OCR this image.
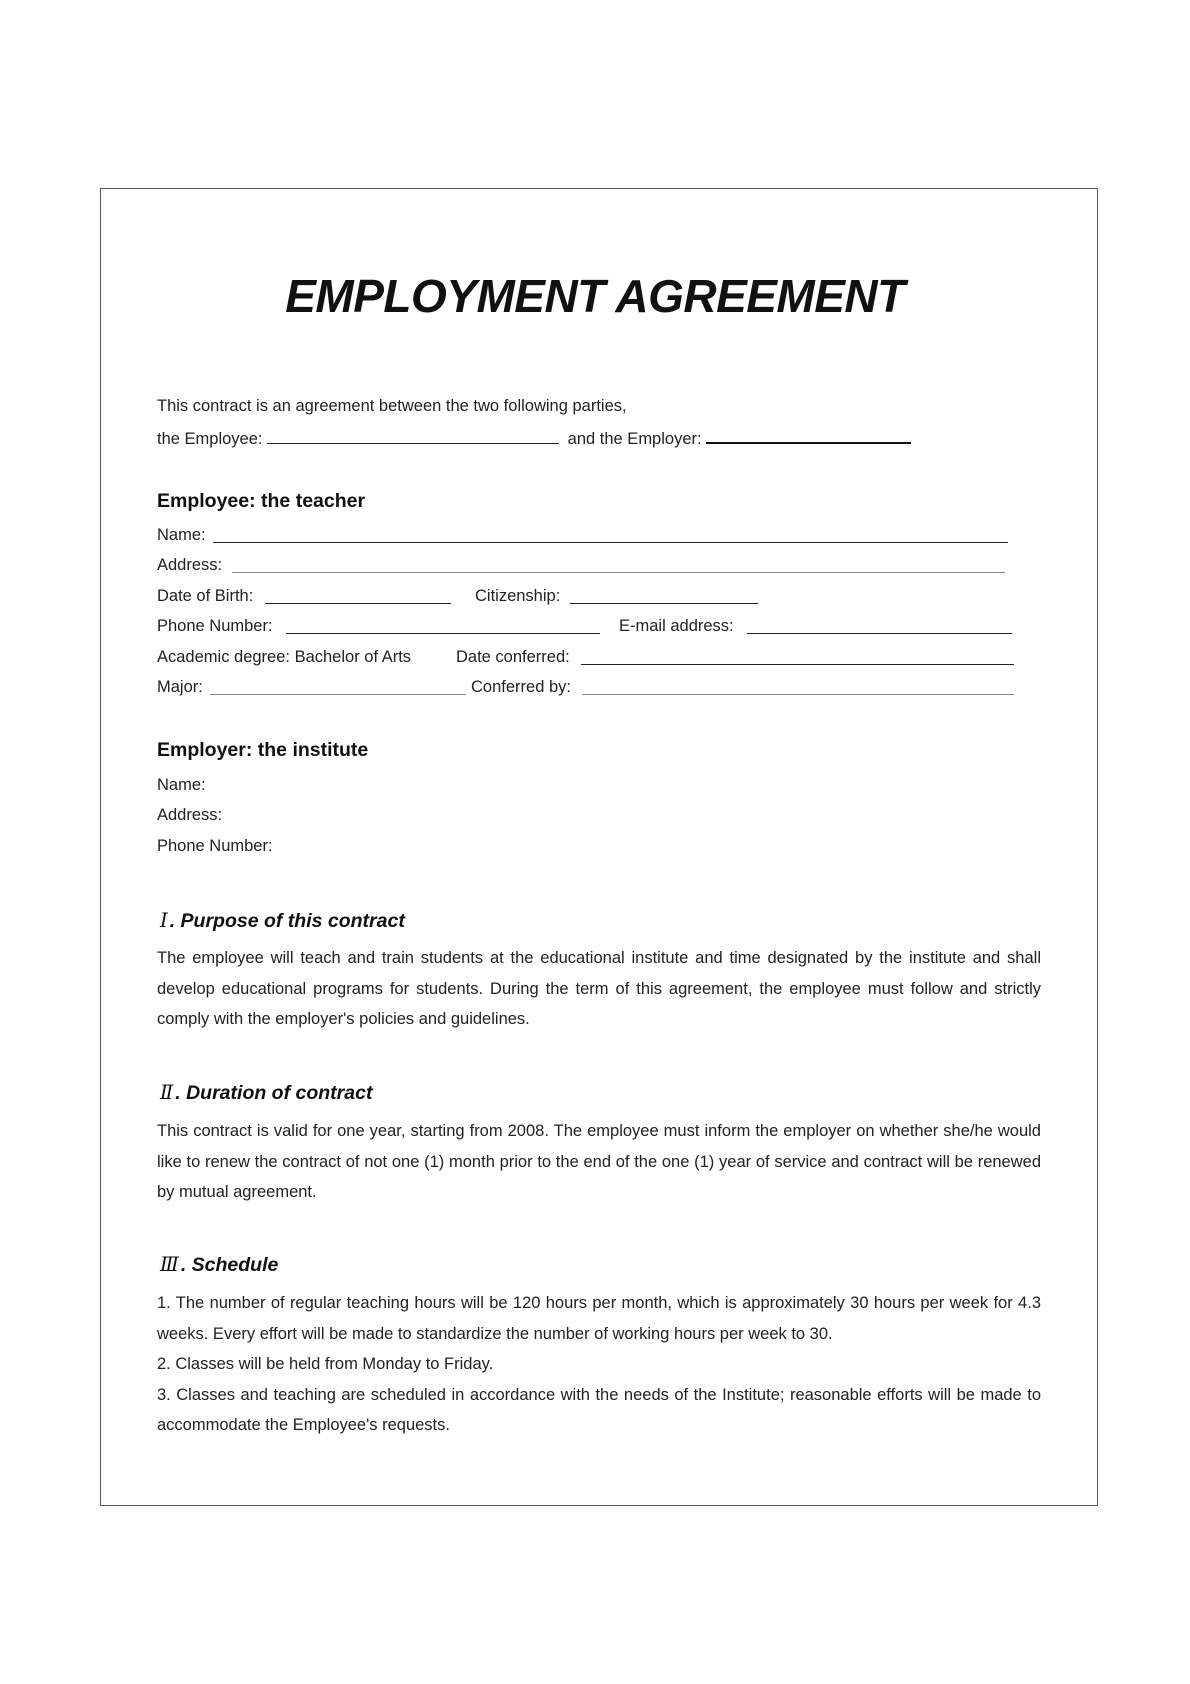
EMPLOYMENT AGREEMENT
This contract is an agreement between the two following parties,
the Employee:	and the Employer:
Employee: the teacher
Name:
Address:
Date of Birth:	Citizenship:
Phone Number:	E-mail address:
Academic degree: Bachelor of Arts	Date conferred:
Major:	Conferred by:
Employer: the institute
Name:
Address:
Phone Number:
Ⅰ . Purpose of this contract

The employee will teach and train students at the educational institute and time designated by the institute and shall develop educational programs for students. During the term of this agreement, the employee must follow and strictly comply with the employer's policies and guidelines.

Ⅱ . Duration of contract

This contract is valid for one year, starting from 2008. The employee must inform the employer on whether she/he would like to renew the contract of not one (1) month prior to the end of the one (1) year of service and contract will be renewed by mutual agreement.

Ⅲ . Schedule

1. The number of regular teaching hours will be 120 hours per month, which is approximately 30 hours per week for 4.3 weeks. Every effort will be made to standardize the number of working hours per week to 30.

2. Classes will be held from Monday to Friday.

3. Classes and teaching are scheduled in accordance with the needs of the Institute; reasonable efforts will be made to accommodate the Employee's requests.
